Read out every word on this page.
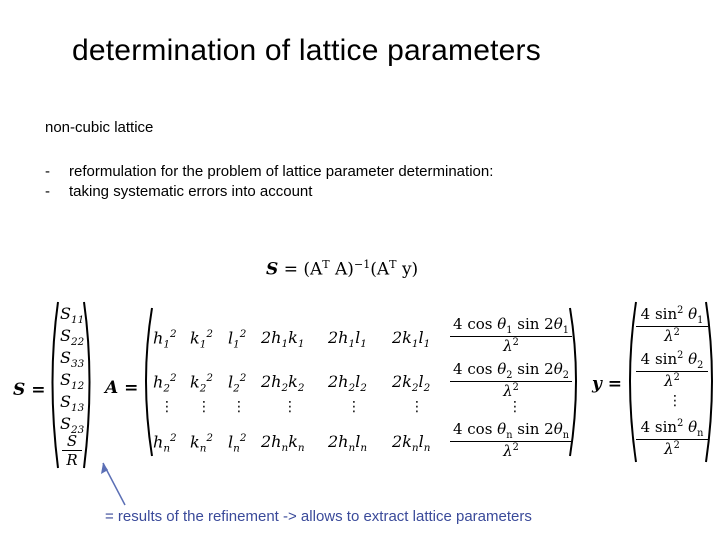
determination of lattice parameters
non-cubic lattice
-	reformulation for the problem of lattice parameter determination:
-	taking systematic errors into account
$S = (A^T$ $A)^{-1}(A^T$ y)
S =	A =	y =
$S_{11}$
$S_{22}$
$S_{33}$
$S_{12}$
$S_{13}$
$S_{23}$
$\frac{S}{R}$
$h_1^2$ $k_1^2$ $l_1^2$ $2h_1k_1$ $2h_1l_1$ $2k_1l_1 \frac{4 \cos \theta_1 \sin 2\theta_1}{\lambda^2}$
$h_2^2$ $k_2^2$ $l_2^2$ $2h_2k_2$ $2h_2l_2$ $2k_2l_2 \frac{4 \cos \theta_2 \sin 2\theta_2}{\lambda^2}$
⋮ ⋮ ⋮	⋮	⋮	⋮	⋮
$h_n^2$ $k_n^2$ $l_n^2$ $2h_nk_n$ $2h_nl_n$ $2k_nl_n \frac{4 \cos \theta_n \sin 2\theta_n}{\lambda^2}$
$\frac{4 \sin^2 \theta_1}{\lambda^2}$
$\frac{4 \sin^2 \theta_2}{\lambda^2}$
⋮
$\frac{4 \sin^2 \theta_n}{\lambda^2}$
= results of the refinement -> allows to extract lattice parameters
